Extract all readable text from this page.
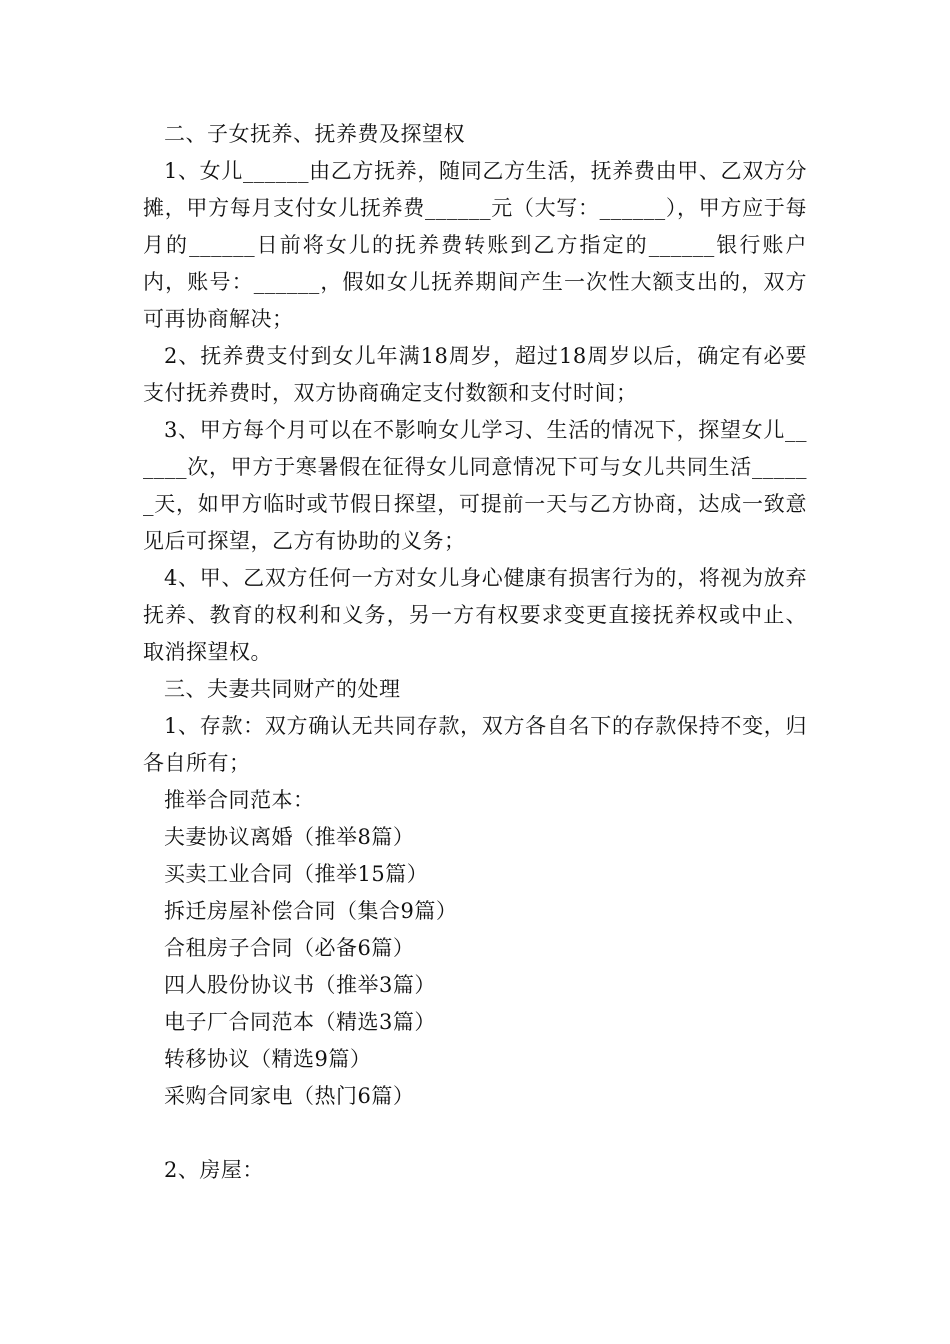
二、子女抚养、抚养费及探望权

1、女儿______由乙方抚养，随同乙方生活，抚养费由甲、乙双方分摊，甲方每月支付女儿抚养费______元（大写：______），甲方应于每月的______日前将女儿的抚养费转账到乙方指定的______银行账户内，账号：______，假如女儿抚养期间产生一次性大额支出的，双方可再协商解决；

2、抚养费支付到女儿年满18周岁，超过18周岁以后，确定有必要支付抚养费时，双方协商确定支付数额和支付时间；

3、甲方每个月可以在不影响女儿学习、生活的情况下，探望女儿______次，甲方于寒暑假在征得女儿同意情况下可与女儿共同生活______天，如甲方临时或节假日探望，可提前一天与乙方协商，达成一致意见后可探望，乙方有协助的义务；

4、甲、乙双方任何一方对女儿身心健康有损害行为的，将视为放弃抚养、教育的权利和义务，另一方有权要求变更直接抚养权或中止、取消探望权。

三、夫妻共同财产的处理

1、存款：双方确认无共同存款，双方各自名下的存款保持不变，归各自所有；

推举合同范本：

夫妻协议离婚（推举8篇）
买卖工业合同（推举15篇）
拆迁房屋补偿合同（集合9篇）
合租房子合同（必备6篇）
四人股份协议书（推举3篇）
电子厂合同范本（精选3篇）
转移协议（精选9篇）
采购合同家电（热门6篇）

2、房屋：
